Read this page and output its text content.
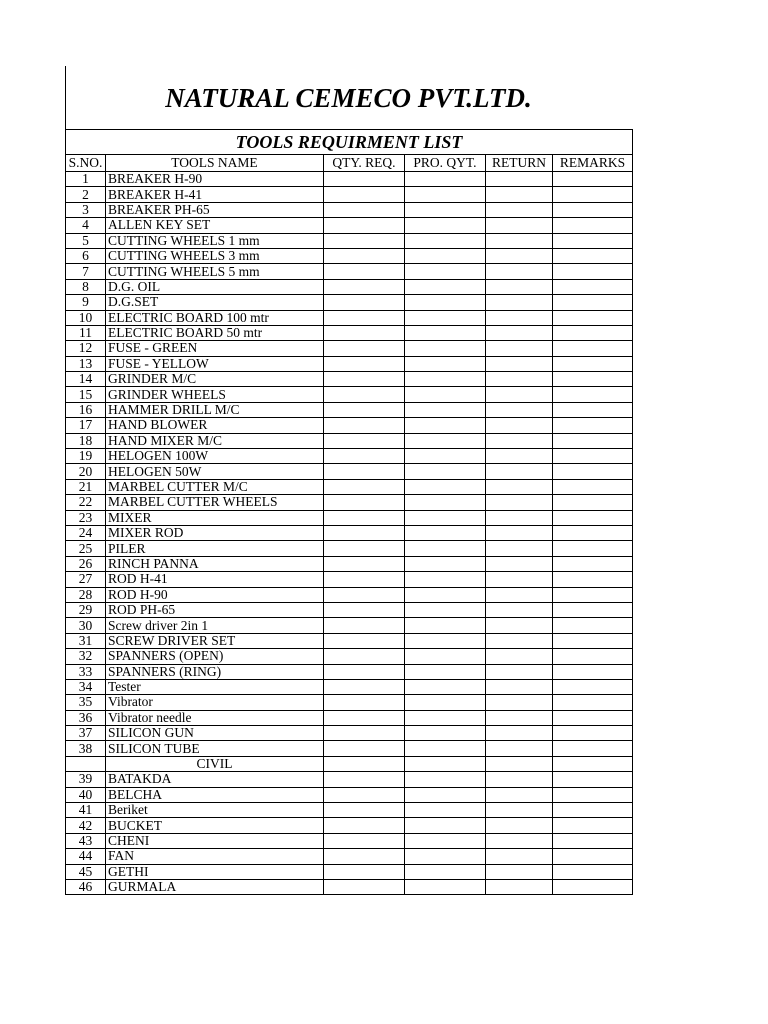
NATURAL CEMECO PVT.LTD.
TOOLS REQUIRMENT LIST					
S.NO.	TOOLS NAME	QTY. REQ.	PRO. QYT.	RETURN	REMARKS
1	BREAKER H-90				
2	BREAKER H-41				
3	BREAKER PH-65				
4	ALLEN KEY SET				
5	CUTTING WHEELS 1 mm				
6	CUTTING WHEELS 3 mm				
7	CUTTING WHEELS 5 mm				
8	D.G. OIL				
9	D.G.SET				
10	ELECTRIC BOARD 100 mtr				
11	ELECTRIC BOARD 50 mtr				
12	FUSE - GREEN				
13	FUSE - YELLOW				
14	GRINDER M/C				
15	GRINDER WHEELS				
16	HAMMER DRILL M/C				
17	HAND BLOWER				
18	HAND MIXER M/C				
19	HELOGEN 100W				
20	HELOGEN 50W				
21	MARBEL CUTTER M/C				
22	MARBEL CUTTER WHEELS				
23	MIXER				
24	MIXER ROD				
25	PILER				
26	RINCH PANNA				
27	ROD H-41				
28	ROD H-90				
29	ROD PH-65				
30	Screw driver 2in 1				
31	SCREW DRIVER SET				
32	SPANNERS (OPEN)				
33	SPANNERS (RING)				
34	Tester				
35	Vibrator				
36	Vibrator needle				
37	SILICON GUN				
38	SILICON TUBE				
	CIVIL				
39	BATAKDA				
40	BELCHA				
41	Beriket				
42	BUCKET				
43	CHENI				
44	FAN				
45	GETHI				
46	GURMALA				
